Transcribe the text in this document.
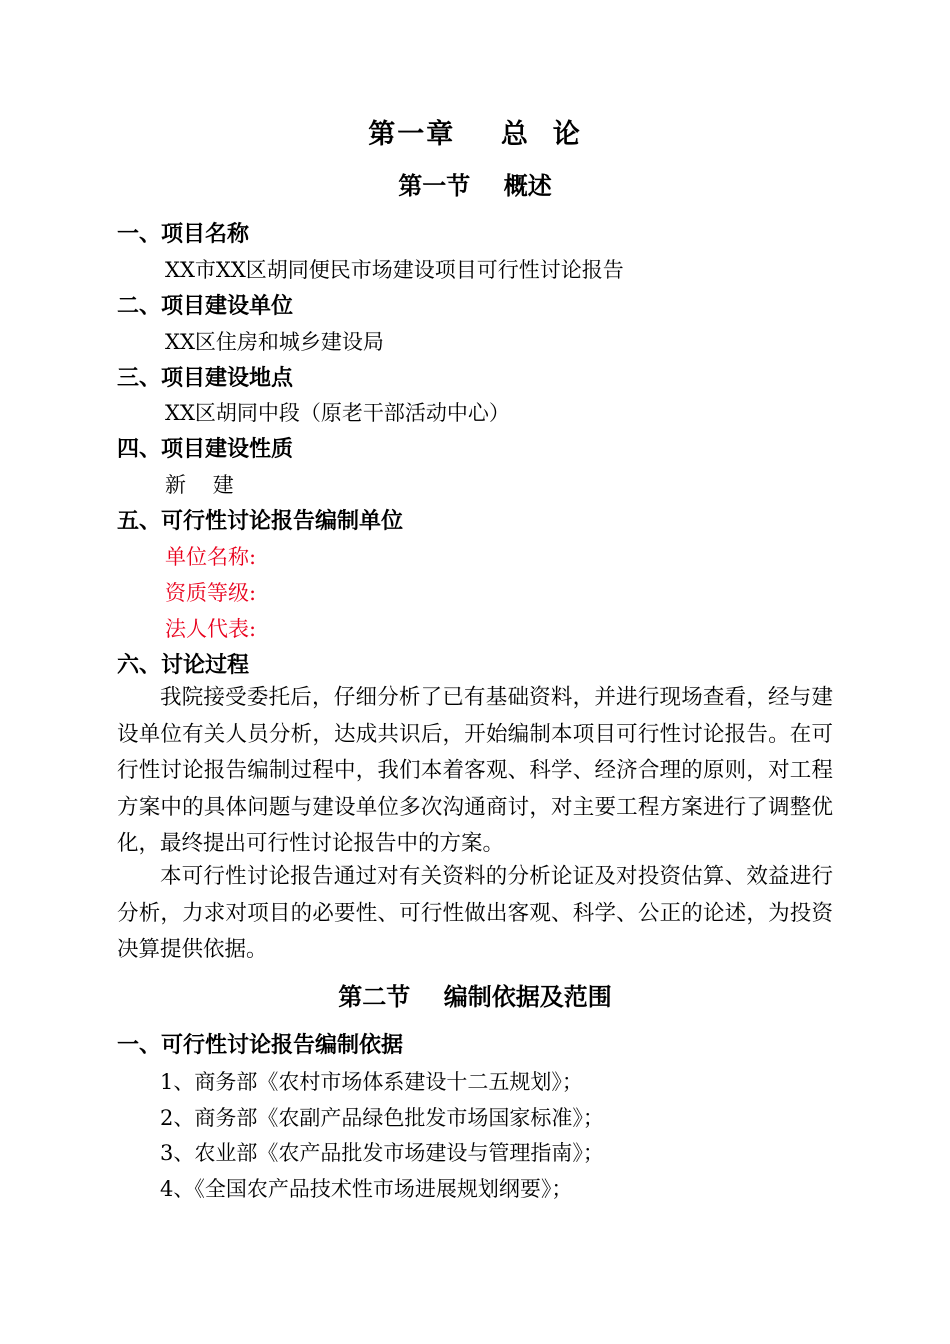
第一章    总  论
第一节    概述
一、项目名称
XX市XX区胡同便民市场建设项目可行性讨论报告
二、项目建设单位
XX区住房和城乡建设局
三、项目建设地点
XX区胡同中段（原老干部活动中心）
四、项目建设性质
新    建
五、可行性讨论报告编制单位
单位名称:
资质等级:
法人代表:
六、讨论过程

我院接受委托后，仔细分析了已有基础资料，并进行现场查看，经与建设单位有关人员分析，达成共识后，开始编制本项目可行性讨论报告。在可行性讨论报告编制过程中，我们本着客观、科学、经济合理的原则，对工程方案中的具体问题与建设单位多次沟通商讨，对主要工程方案进行了调整优化，最终提出可行性讨论报告中的方案。

本可行性讨论报告通过对有关资料的分析论证及对投资估算、效益进行分析，力求对项目的必要性、可行性做出客观、科学、公正的论述，为投资决算提供依据。

第二节    编制依据及范围
一、可行性讨论报告编制依据
1、商务部《农村市场体系建设十二五规划》；
2、商务部《农副产品绿色批发市场国家标准》；
3、农业部《农产品批发市场建设与管理指南》；
4、《全国农产品技术性市场进展规划纲要》；
